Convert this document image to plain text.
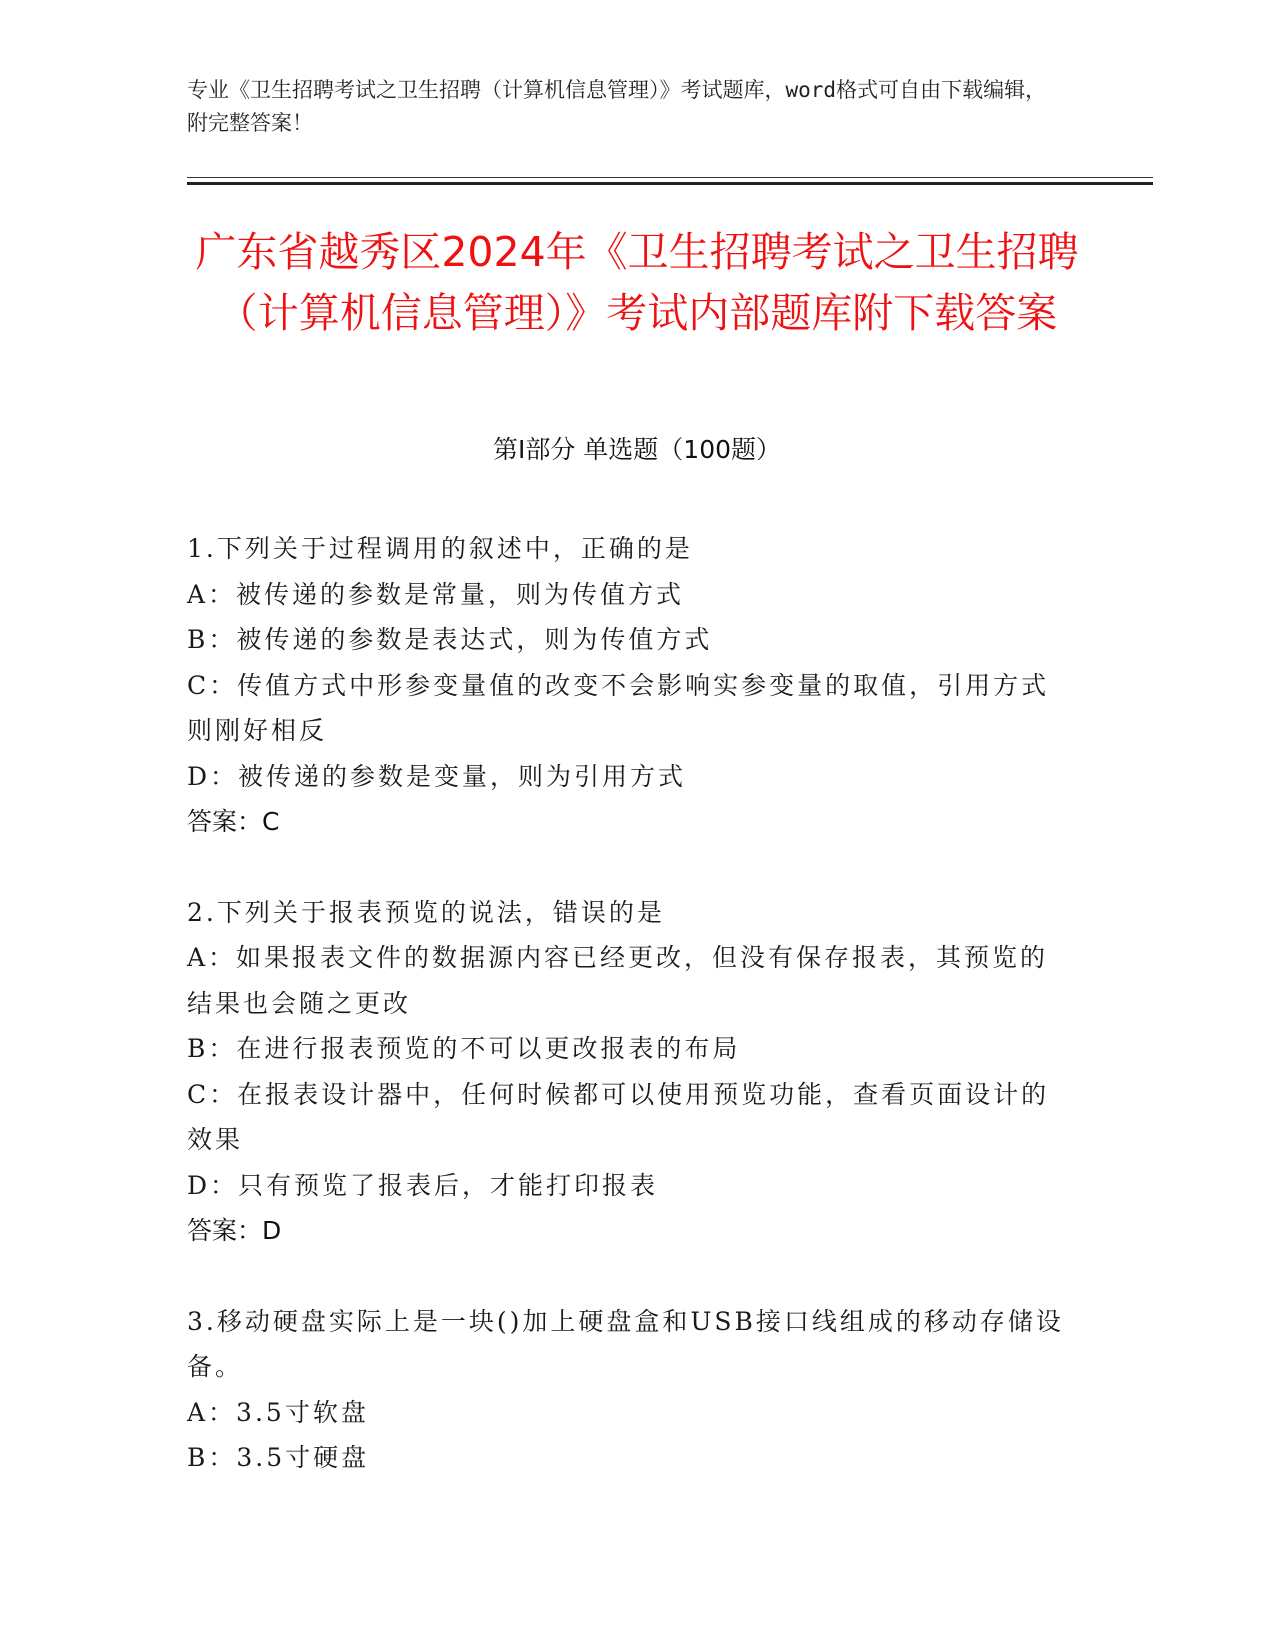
专业《卫生招聘考试之卫生招聘（计算机信息管理）》考试题库，word格式可自由下载编辑，附完整答案！
广东省越秀区2024年《卫生招聘考试之卫生招聘（计算机信息管理）》考试内部题库附下载答案
第Ⅰ部分 单选题（100题）
1.下列关于过程调用的叙述中，正确的是
A：被传递的参数是常量，则为传值方式
B：被传递的参数是表达式，则为传值方式
C：传值方式中形参变量值的改变不会影响实参变量的取值，引用方式则刚好相反
D：被传递的参数是变量，则为引用方式
答案：C
2.下列关于报表预览的说法，错误的是
A：如果报表文件的数据源内容已经更改，但没有保存报表，其预览的结果也会随之更改
B：在进行报表预览的不可以更改报表的布局
C：在报表设计器中，任何时候都可以使用预览功能，查看页面设计的效果
D：只有预览了报表后，才能打印报表
答案：D
3.移动硬盘实际上是一块()加上硬盘盒和USB接口线组成的移动存储设备。
A：3.5寸软盘
B：3.5寸硬盘
